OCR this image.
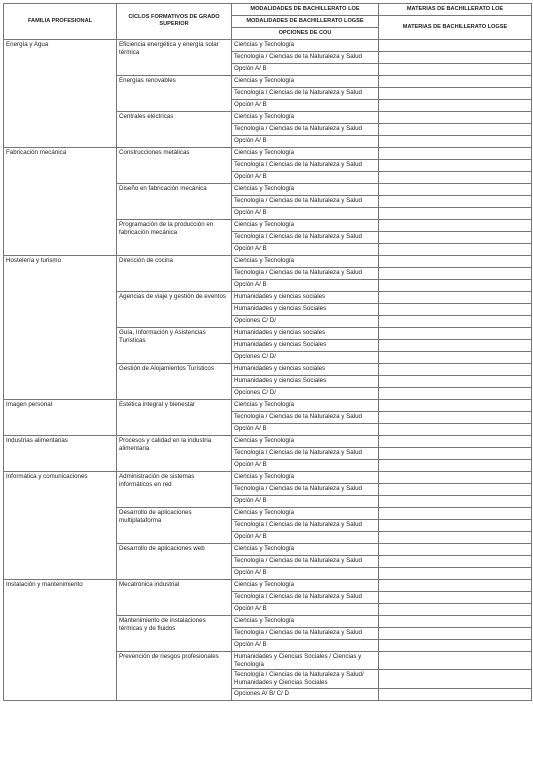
FAMILIA PROFESIONAL	CICLOS FORMATIVOS DE GRADO SUPERIOR	MODALIDADES DE BACHILLERATO LOE	MATERIAS DE BACHILLERATO LOE
		MODALIDADES DE BACHILLERATO LOGSE	MATERIAS DE BACHILLERATO LOGSE
		OPCIONES DE COU	
Energía y Agua	Eficiencia energética y energía solar térmica	Ciencias y Tecnología	
		Tecnología / Ciencias de la Naturaleza y Salud	
		Opción A/ B	
	Energías renovables	Ciencias y Tecnología	
		Tecnología / Ciencias de la Naturaleza y Salud	
		Opción A/ B	
	Centrales eléctricas	Ciencias y Tecnología	
		Tecnología / Ciencias de la Naturaleza y Salud	
		Opción A/ B	
Fabricación mecánica	Construcciones metálicas	Ciencias y Tecnología	
		Tecnología / Ciencias de la Naturaleza y Salud	
		Opción A/ B	
	Diseño en fabricación mecánica	Ciencias y Tecnología	
		Tecnología / Ciencias de la Naturaleza y Salud	
		Opción A/ B	
	Programación de la producción en fabricación mecánica	Ciencias y Tecnología	
		Tecnología / Ciencias de la Naturaleza y Salud	
		Opción A/ B	
Hostelería y turismo	Dirección de cocina	Ciencias y Tecnología	
		Tecnología / Ciencias de la Naturaleza y Salud	
		Opción A/ B	
	Agencias de viaje y gestión de eventos	Humanidades y ciencias sociales	
		Humanidades y ciencias Sociales	
		Opciones C/ D/	
	Guía, Información y Asistencias Turísticas	Humanidades y ciencias sociales	
		Humanidades y ciencias Sociales	
		Opciones C/ D/	
	Gestión de Alojamientos Turísticos	Humanidades y ciencias sociales	
		Humanidades y ciencias Sociales	
		Opciones C/ D/	
Imagen personal	Estética integral y bienestar	Ciencias y Tecnología	
		Tecnología / Ciencias de la Naturaleza y Salud	
		Opción A/ B	
Industrias alimentarias	Procesos y calidad en la industria alimentaria	Ciencias y Tecnología	
		Tecnología / Ciencias de la Naturaleza y Salud	
		Opción A/ B	
Informática y comunicaciones	Administración de sistemas informáticos en red	Ciencias y Tecnología	
		Tecnología / Ciencias de la Naturaleza y Salud	
		Opción A/ B	
	Desarrollo de aplicaciones multiplataforma	Ciencias y Tecnología	
		Tecnología / Ciencias de la Naturaleza y Salud	
		Opción A/ B	
	Desarrollo de aplicaciones web	Ciencias y Tecnología	
		Tecnología / Ciencias de la Naturaleza y Salud	
		Opción A/ B	
Instalación y mantenimiento	Mecatrónica industrial	Ciencias y Tecnología	
		Tecnología / Ciencias de la Naturaleza y Salud	
		Opción A/ B	
	Mantenimiento de instalaciones térmicas y de fluidos	Ciencias y Tecnología	
		Tecnología / Ciencias de la Naturaleza y Salud	
		Opción A/ B	
	Prevención de riesgos profesionales	Humanidades y Ciencias Sociales / Ciencias y Tecnología	
		Tecnología / Ciencias de la Naturaleza y Salud/ Humanidades y Ciencias Sociales	
		Opciones A/ B/ C/ D	
